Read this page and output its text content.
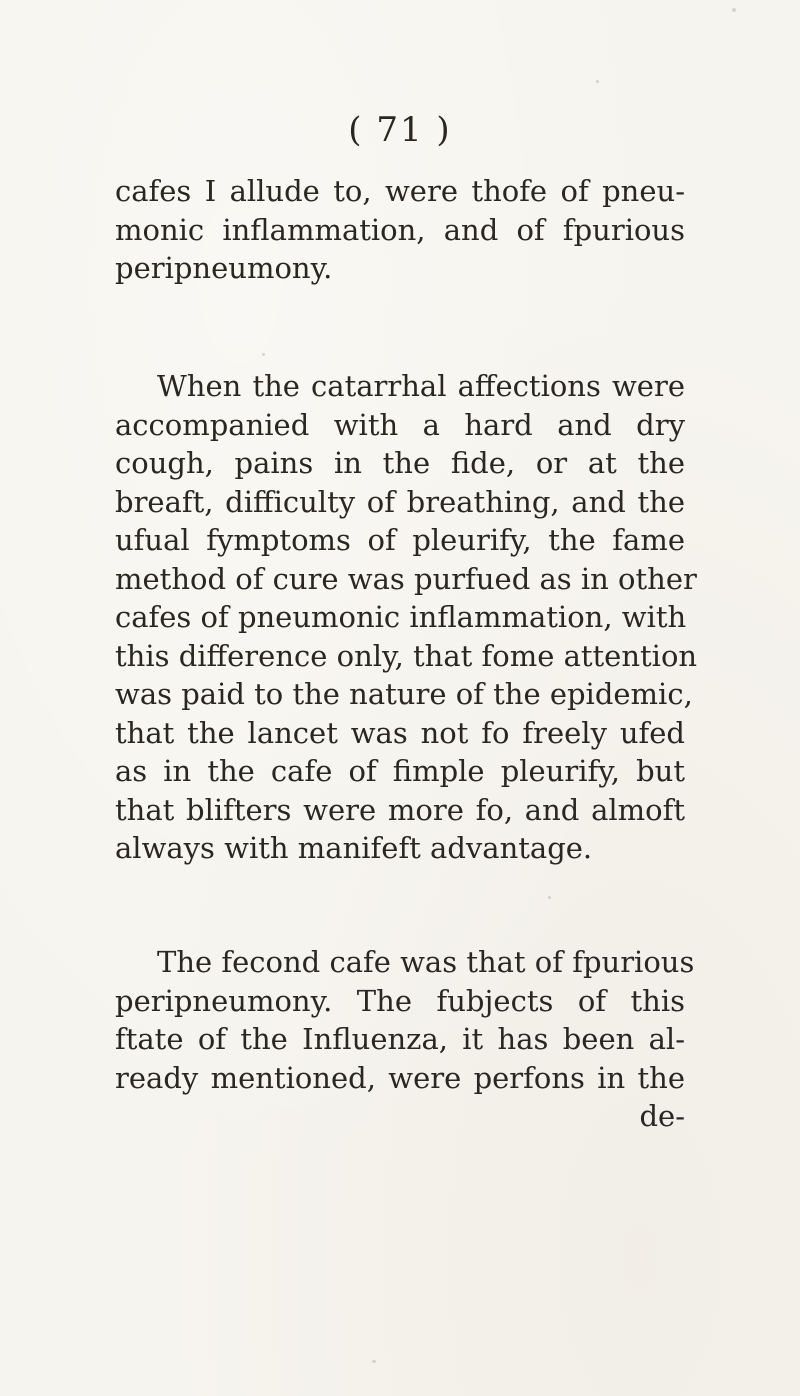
( 71 )
cafes I allude to, were thofe of pneu-
monic inflammation, and of fpurious
peripneumony.
When the catarrhal affections were
accompanied with a hard and dry
cough, pains in the fide, or at the
breaft, difficulty of breathing, and the
ufual fymptoms of pleurify, the fame
method of cure was purfued as in other
cafes of pneumonic inflammation, with
this difference only, that fome attention
was paid to the nature of the epidemic,
that the lancet was not fo freely ufed
as in the cafe of fimple pleurify, but
that blifters were more fo, and almoft
always with manifeft advantage.
The fecond cafe was that of fpurious
peripneumony. The fubjects of this
ftate of the Influenza, it has been al-
ready mentioned, were perfons in the
de-
